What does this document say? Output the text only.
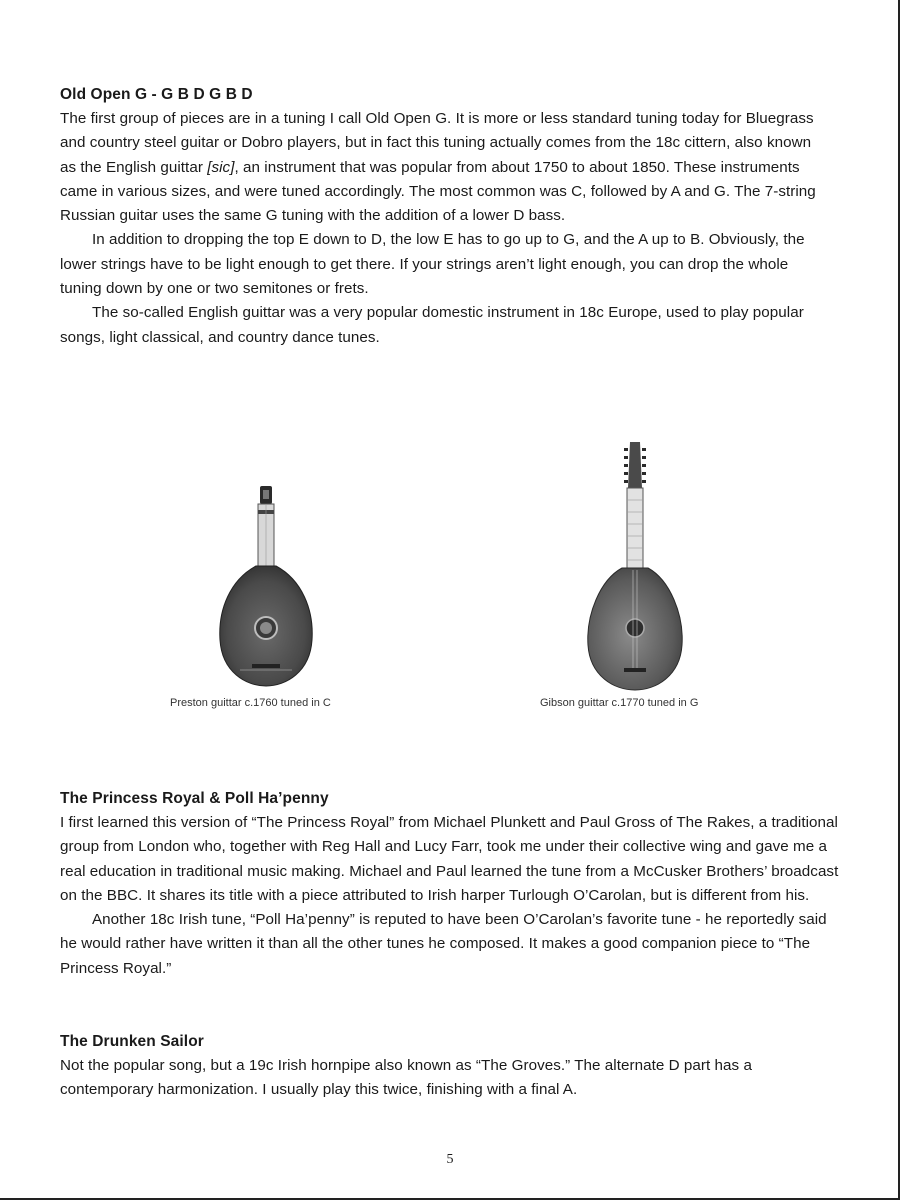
Old Open G - G B D G B D

The first group of pieces are in a tuning I call Old Open G. It is more or less standard tuning today for Bluegrass and country steel guitar or Dobro players, but in fact this tuning actually comes from the 18c cittern, also known as the English guittar [sic], an instrument that was popular from about 1750 to about 1850. These instruments came in various sizes, and were tuned accordingly. The most common was C, followed by A and G. The 7-string Russian guitar uses the same G tuning with the addition of a lower D bass.

In addition to dropping the top E down to D, the low E has to go up to G, and the A up to B. Obviously, the lower strings have to be light enough to get there. If your strings aren’t light enough, you can drop the whole tuning down by one or two semitones or frets.

The so-called English guittar was a very popular domestic instrument in 18c Europe, used to play popular songs, light classical, and country dance tunes.

Preston guittar c.1760 tuned in C	Gibson guittar c.1770 tuned in G
The Princess Royal & Poll Ha’penny

I first learned this version of “The Princess Royal” from Michael Plunkett and Paul Gross of The Rakes, a traditional group from London who, together with Reg Hall and Lucy Farr, took me under their collective wing and gave me a real education in traditional music making. Michael and Paul learned the tune from a McCusker Brothers’ broadcast on the BBC. It shares its title with a piece attributed to Irish harper Turlough O’Carolan, but is different from his.

Another 18c Irish tune, “Poll Ha’penny” is reputed to have been O’Carolan’s favorite tune - he reportedly said he would rather have written it than all the other tunes he composed. It makes a good companion piece to “The Princess Royal.”

The Drunken Sailor

Not the popular song, but a 19c Irish hornpipe also known as “The Groves.” The alternate D part has a contemporary harmonization. I usually play this twice, finishing with a final A.

5
